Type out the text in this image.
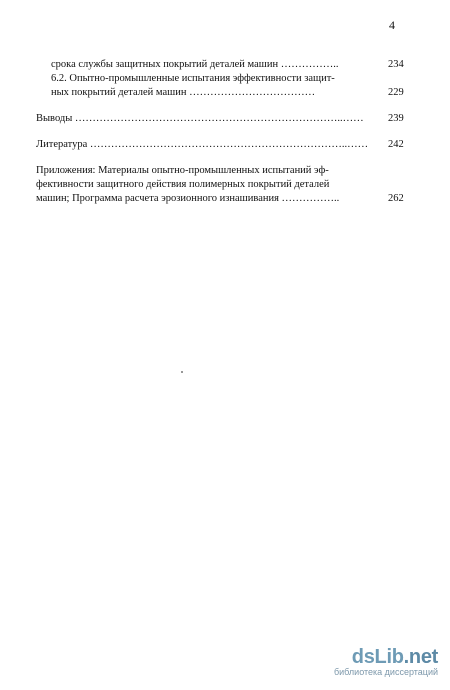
4
срока службы защитных покрытий деталей машин ……………..	234
6.2. Опытно-промышленные испытания эффективности защит-
ных покрытий деталей машин ………………………………	229
Выводы …………………………………………………………………..…… 239
Литература ………………………………………………………………..…… 242
Приложения: Материалы опытно-промышленных испытаний эф-
фективности защитного действия полимерных покрытий деталей
машин; Программа расчета эрозионного изнашивания ……………..	262
dsLib.net
библиотека диссертаций
